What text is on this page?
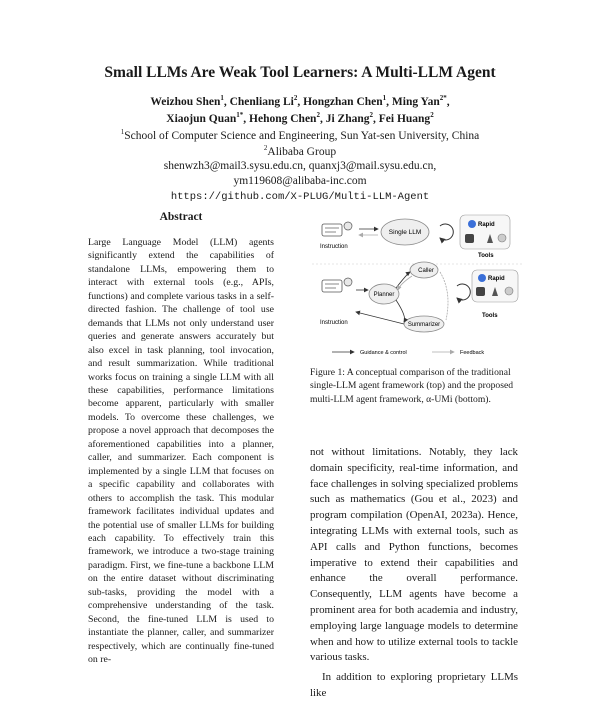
Small LLMs Are Weak Tool Learners: A Multi-LLM Agent
Weizhou Shen$^1$, Chenliang Li$^2$, Hongzhan Chen$^1$, Ming Yan$^{2*}$,
Xiaojun Quan$^{1*}$, Hehong Chen$^2$, Ji Zhang$^2$, Fei Huang$^2$
$^1$School of Computer Science and Engineering, Sun Yat-sen University, China
$^2$Alibaba Group
shenwzh3@mail3.sysu.edu.cn, quanxj3@mail.sysu.edu.cn,
ym119608@alibaba-inc.com
https://github.com/X-PLUG/Multi-LLM-Agent
Abstract
Large Language Model (LLM) agents significantly extend the capabilities of standalone LLMs, empowering them to interact with external tools (e.g., APIs, functions) and complete various tasks in a self-directed fashion. The challenge of tool use demands that LLMs not only understand user queries and generate answers accurately but also excel in task planning, tool invocation, and result summarization. While traditional works focus on training a single LLM with all these capabilities, performance limitations become apparent, particularly with smaller models. To overcome these challenges, we propose a novel approach that decomposes the aforementioned capabilities into a planner, caller, and summarizer. Each component is implemented by a single LLM that focuses on a specific capability and collaborates with others to accomplish the task. This modular framework facilitates individual updates and the potential use of smaller LLMs for building each capability. To effectively train this framework, we introduce a two-stage training paradigm. First, we fine-tune a backbone LLM on the entire dataset without discriminating sub-tasks, providing the model with a comprehensive understanding of the task. Second, the fine-tuned LLM is used to instantiate the planner, caller, and summarizer respectively, which are continually fine-tuned on re-
Instruction
Single LLM
Rapid
Tools
Instruction
Planner
Caller
Summarizer
Rapid
Tools
Guidance & control	Feedback
Figure 1: A conceptual comparison of the traditional single-LLM agent framework (top) and the proposed multi-LLM agent framework, α-UMi (bottom).

not without limitations. Notably, they lack domain specificity, real-time information, and face challenges in solving specialized problems such as mathematics (Gou et al., 2023) and program compilation (OpenAI, 2023a). Hence, integrating LLMs with external tools, such as API calls and Python functions, becomes imperative to extend their capabilities and enhance the overall performance. Consequently, LLM agents have become a prominent area for both academia and industry, employing large language models to determine when and how to utilize external tools to tackle various tasks.

In addition to exploring proprietary LLMs like
